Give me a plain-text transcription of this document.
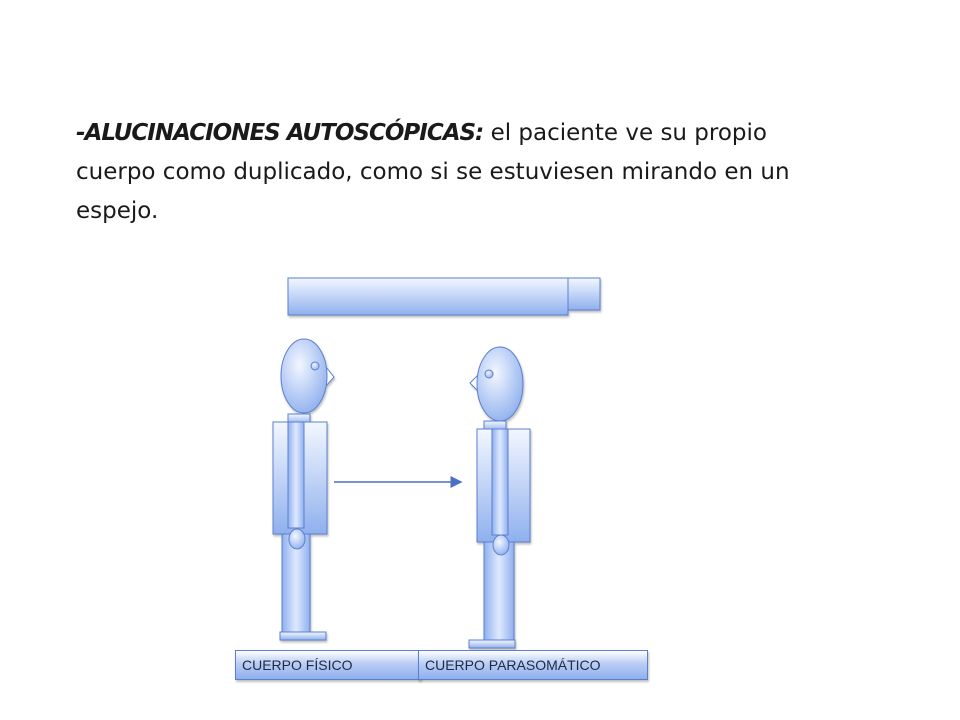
-ALUCINACIONES AUTOSCÓPICAS: el paciente ve su propio
cuerpo como duplicado, como si se estuviesen mirando en un
espejo.
CUERPO FÍSICO	CUERPO PARASOMÁTICO
